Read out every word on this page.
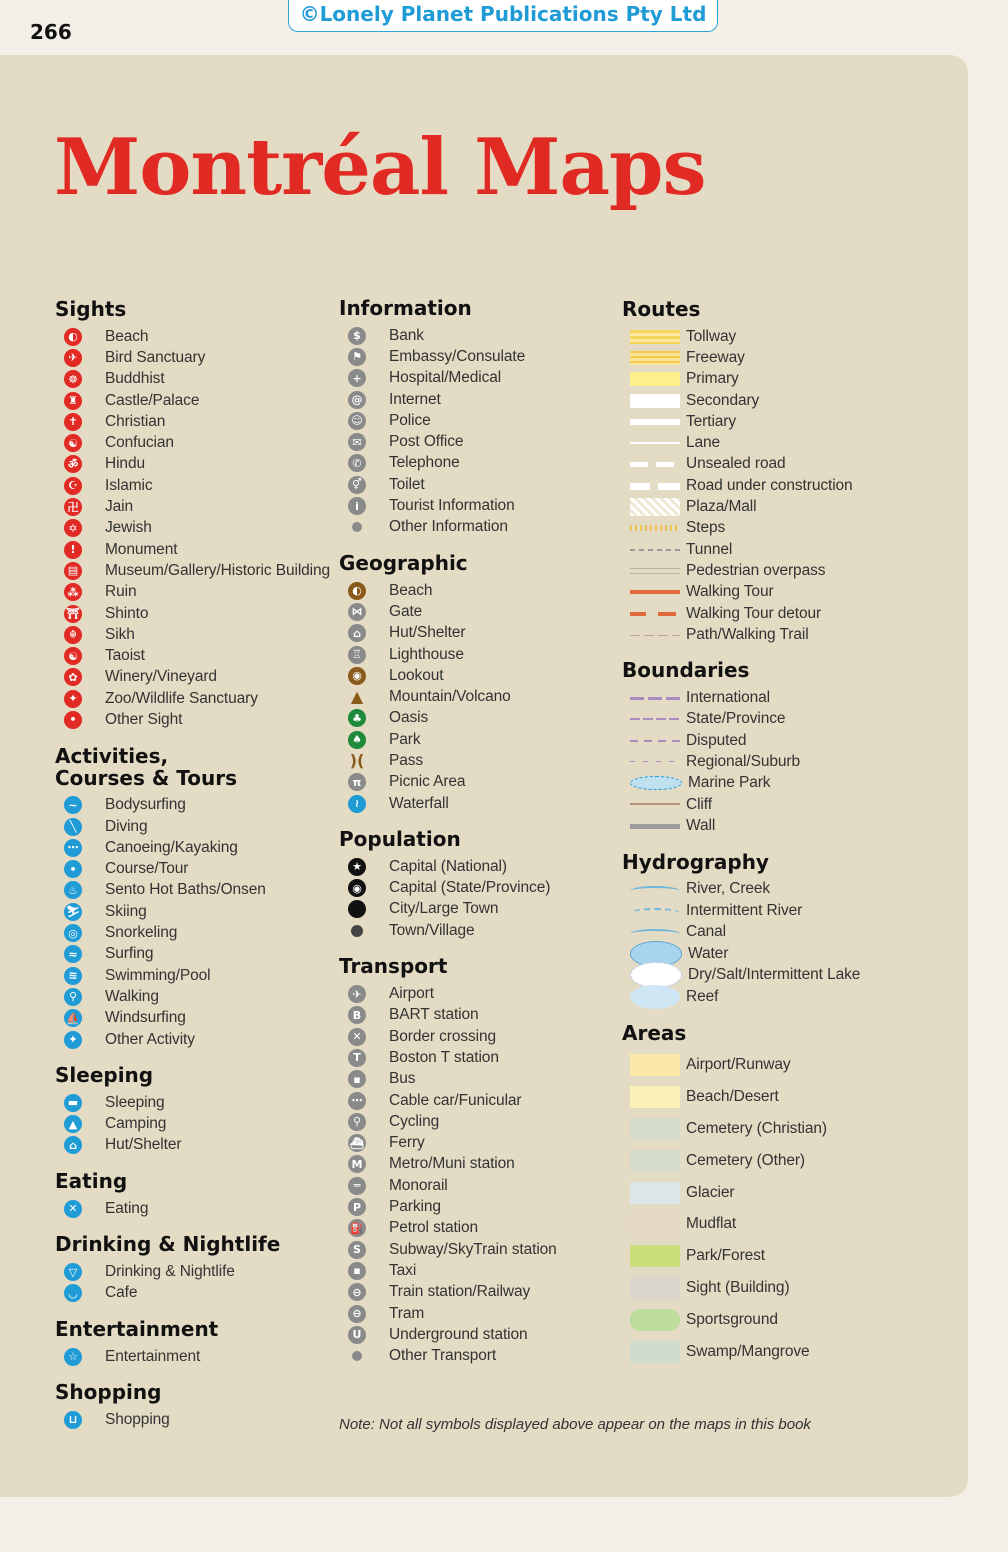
266
©Lonely Planet Publications Pty Ltd
Montréal Maps
Sights
◐	Beach
✈	Bird Sanctuary
☸	Buddhist
♜	Castle/Palace
✝	Christian
☯	Confucian
ॐ	Hindu
☪	Islamic
卍	Jain
✡	Jewish
!	Monument
▤	Museum/Gallery/Historic Building
⁂	Ruin
⛩	Shinto
☬	Sikh
☯	Taoist
✿	Winery/Vineyard
✦	Zoo/Wildlife Sanctuary
•	Other Sight
Activities,
Courses & Tours
~	Bodysurfing
╲	Diving
⋯	Canoeing/Kayaking
•	Course/Tour
♨	Sento Hot Baths/Onsen
⛷	Skiing
◎	Snorkeling
≈	Surfing
≋	Swimming/Pool
⚲	Walking
⛵	Windsurfing
✦	Other Activity
Sleeping
▬	Sleeping
▲	Camping
⌂	Hut/Shelter
Eating
✕	Eating
Drinking & Nightlife
▽	Drinking & Nightlife
◡	Cafe
Entertainment
☆	Entertainment
Shopping
⊔	Shopping
Information
$	Bank
⚑	Embassy/Consulate
+	Hospital/Medical
@	Internet
☺	Police
✉	Post Office
✆	Telephone
⚥	Toilet
i	Tourist Information
Other Information
Geographic
◐	Beach
⋈	Gate
⌂	Hut/Shelter
♖	Lighthouse
◉	Lookout
▲	Mountain/Volcano
♣	Oasis
♠	Park
)(	Pass
π	Picnic Area
≀	Waterfall
Population
★	Capital (National)
◉	Capital (State/Province)
City/Large Town
Town/Village
Transport
✈	Airport
B	BART station
✕	Border crossing
T	Boston T station
▪	Bus
⋯	Cable car/Funicular
⚲	Cycling
⛴	Ferry
M	Metro/Muni station
═	Monorail
P	Parking
⛽	Petrol station
S	Subway/SkyTrain station
▪	Taxi
⊖	Train station/Railway
⊖	Tram
U	Underground station
Other Transport
Routes
Tollway
Freeway
Primary
Secondary
Tertiary
Lane
Unsealed road
Road under construction
Plaza/Mall
Steps
Tunnel
Pedestrian overpass
Walking Tour
Walking Tour detour
Path/Walking Trail
Boundaries
International
State/Province
Disputed
Regional/Suburb
Marine Park
Cliff
Wall
Hydrography
River, Creek
Intermittent River
Canal
Water
Dry/Salt/Intermittent Lake
Reef
Areas
Airport/Runway
Beach/Desert
Cemetery (Christian)
Cemetery (Other)
Glacier
Mudflat
Park/Forest
Sight (Building)
Sportsground
Swamp/Mangrove
Note: Not all symbols displayed above appear on the maps in this book
